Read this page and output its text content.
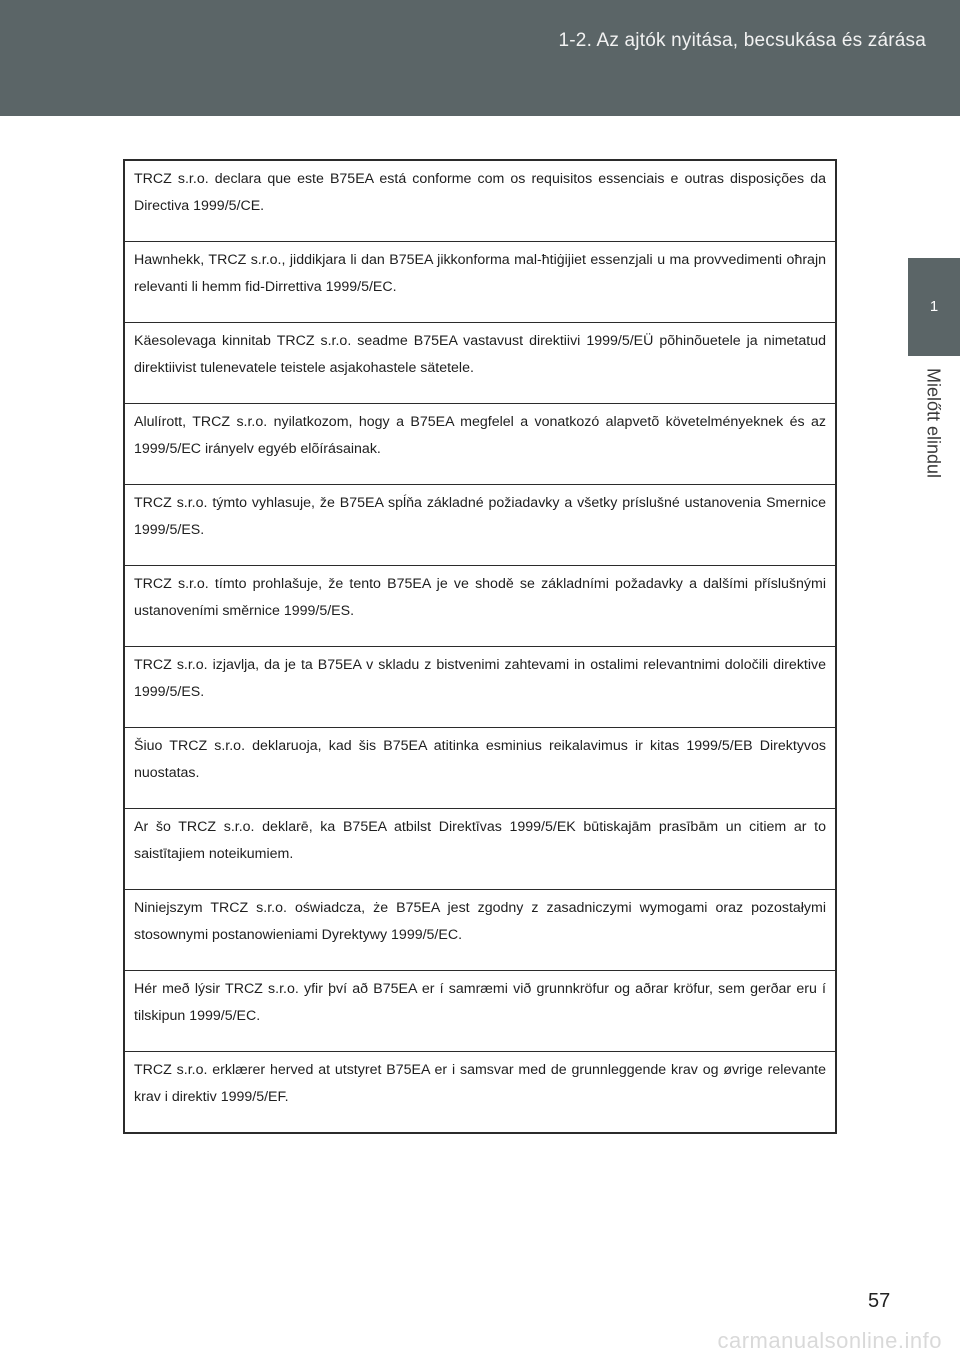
1-2. Az ajtók nyitása, becsukása és zárása
1
Mielőtt elindul
TRCZ s.r.o. declara que este B75EA está conforme com os requisitos essenciais e outras disposições da Directiva 1999/5/CE.
Hawnhekk, TRCZ s.r.o., jiddikjara li dan B75EA jikkonforma mal-ħtiġijiet essenzjali u ma provvedimenti oħrajn relevanti li hemm fid-Dirrettiva 1999/5/EC.
Käesolevaga kinnitab TRCZ s.r.o. seadme B75EA vastavust direktiivi 1999/5/EÜ põhinõuetele ja nimetatud direktiivist tulenevatele teistele asjakohastele sätetele.
Alulírott, TRCZ s.r.o. nyilatkozom, hogy a B75EA megfelel a vonatkozó alapvetõ követelményeknek és az 1999/5/EC irányelv egyéb elõírásainak.
TRCZ s.r.o. týmto vyhlasuje, že B75EA spĺňa základné požiadavky a všetky príslušné ustanovenia Smernice 1999/5/ES.
TRCZ s.r.o. tímto prohlašuje, že tento B75EA je ve shodě se základními požadavky a dalšími příslušnými ustanoveními směrnice 1999/5/ES.
TRCZ s.r.o. izjavlja, da je ta B75EA v skladu z bistvenimi zahtevami in ostalimi relevantnimi določili direktive 1999/5/ES.
Šiuo TRCZ s.r.o. deklaruoja, kad šis B75EA atitinka esminius reikalavimus ir kitas 1999/5/EB Direktyvos nuostatas.
Ar šo TRCZ s.r.o. deklarē, ka B75EA atbilst Direktīvas 1999/5/EK būtiskajām prasībām un citiem ar to saistītajiem noteikumiem.
Niniejszym TRCZ s.r.o. oświadcza, że B75EA jest zgodny z zasadniczymi wymogami oraz pozostałymi stosownymi postanowieniami Dyrektywy 1999/5/EC.
Hér með lýsir TRCZ s.r.o. yfir því að B75EA er í samræmi við grunnkröfur og aðrar kröfur, sem gerðar eru í tilskipun 1999/5/EC.
TRCZ s.r.o. erklærer herved at utstyret B75EA er i samsvar med de grunnleggende krav og øvrige relevante krav i direktiv 1999/5/EF.
57
carmanualsonline.info
